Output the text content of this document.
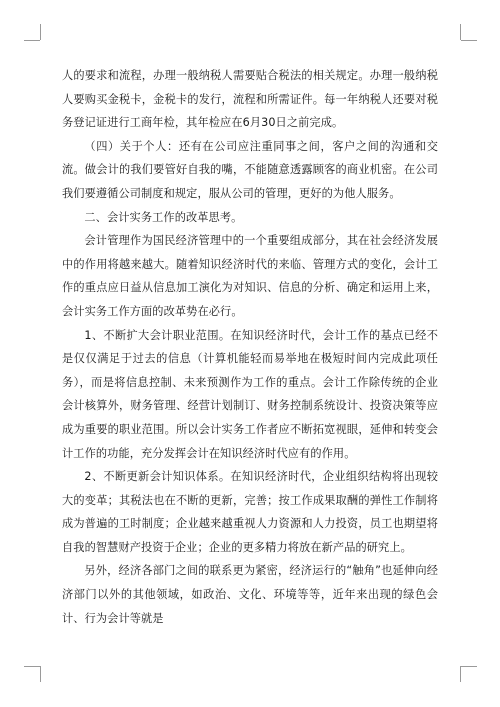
人的要求和流程，办理一般纳税人需要贴合税法的相关规定。办理一般纳税人要购买金税卡，金税卡的发行，流程和所需证件。每一年纳税人还要对税务登记证进行工商年检，其年检应在6月30日之前完成。

（四）关于个人：还有在公司应注重同事之间，客户之间的沟通和交流。做会计的我们要管好自我的嘴，不能随意透露顾客的商业机密。在公司我们要遵循公司制度和规定，服从公司的管理，更好的为他人服务。

二、会计实务工作的改革思考。

会计管理作为国民经济管理中的一个重要组成部分，其在社会经济发展中的作用将越来越大。随着知识经济时代的来临、管理方式的变化，会计工作的重点应日益从信息加工演化为对知识、信息的分析、确定和运用上来，会计实务工作方面的改革势在必行。

1、不断扩大会计职业范围。在知识经济时代，会计工作的基点已经不是仅仅满足于过去的信息（计算机能轻而易举地在极短时间内完成此项任务），而是将信息控制、未来预测作为工作的重点。会计工作除传统的企业会计核算外，财务管理、经营计划制订、财务控制系统设计、投资决策等应成为重要的职业范围。所以会计实务工作者应不断拓宽视眼，延伸和转变会计工作的功能，充分发挥会计在知识经济时代应有的作用。

2、不断更新会计知识体系。在知识经济时代，企业组织结构将出现较大的变革；其税法也在不断的更新，完善；按工作成果取酬的弹性工作制将成为普遍的工时制度；企业越来越重视人力资源和人力投资，员工也期望将自我的智慧财产投资于企业；企业的更多精力将放在新产品的研究上。

另外，经济各部门之间的联系更为紧密，经济运行的“触角”也延伸向经济部门以外的其他领域，如政治、文化、环境等等，近年来出现的绿色会计、行为会计等就是
